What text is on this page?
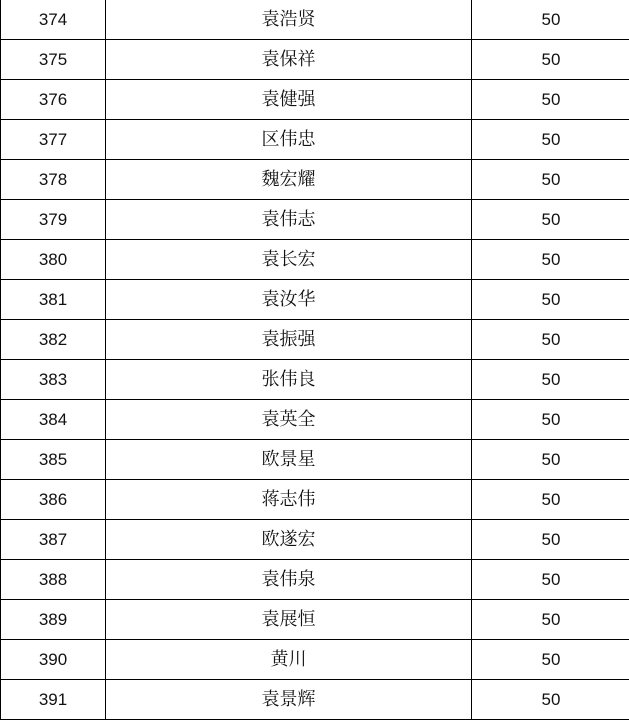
374	袁浩贤	50
375	袁保祥	50
376	袁健强	50
377	区伟忠	50
378	魏宏耀	50
379	袁伟志	50
380	袁长宏	50
381	袁汝华	50
382	袁振强	50
383	张伟良	50
384	袁英全	50
385	欧景星	50
386	蒋志伟	50
387	欧遂宏	50
388	袁伟泉	50
389	袁展恒	50
390	黄川	50
391	袁景辉	50
